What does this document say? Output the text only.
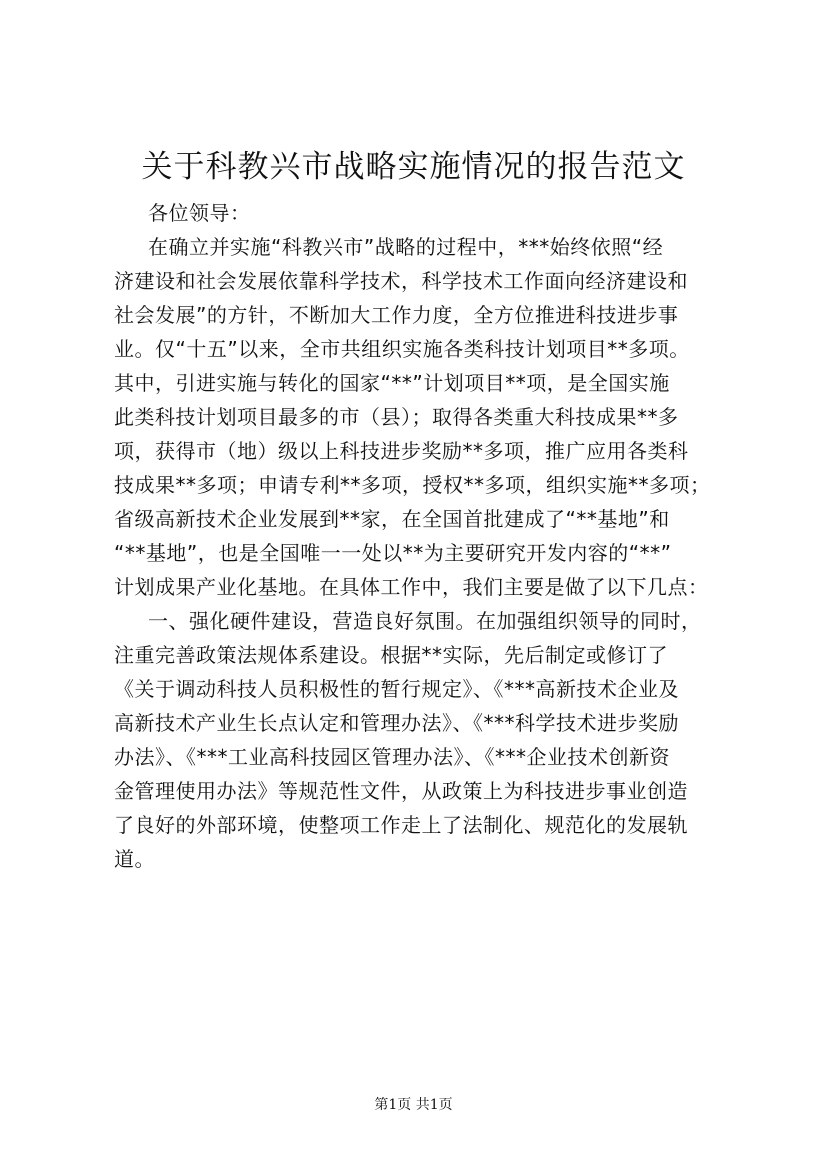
关于科教兴市战略实施情况的报告范文

各位领导：

在确立并实施“科教兴市”战略的过程中，***始终依照“经

济建设和社会发展依靠科学技术，科学技术工作面向经济建设和

社会发展”的方针，不断加大工作力度，全方位推进科技进步事

业。仅“十五”以来，全市共组织实施各类科技计划项目**多项。

其中，引进实施与转化的国家“**”计划项目**项，是全国实施

此类科技计划项目最多的市（县）；取得各类重大科技成果**多

项，获得市（地）级以上科技进步奖励**多项，推广应用各类科

技成果**多项；申请专利**多项，授权**多项，组织实施**多项；

省级高新技术企业发展到**家，在全国首批建成了“**基地”和

“**基地”，也是全国唯一一处以**为主要研究开发内容的“**”

计划成果产业化基地。在具体工作中，我们主要是做了以下几点：

一、强化硬件建设，营造良好氛围。在加强组织领导的同时，

注重完善政策法规体系建设。根据**实际，先后制定或修订了

《关于调动科技人员积极性的暂行规定》、《***高新技术企业及

高新技术产业生长点认定和管理办法》、《***科学技术进步奖励

办法》、《***工业高科技园区管理办法》、《***企业技术创新资

金管理使用办法》等规范性文件，从政策上为科技进步事业创造

了良好的外部环境，使整项工作走上了法制化、规范化的发展轨

道。

第1页 共1页
